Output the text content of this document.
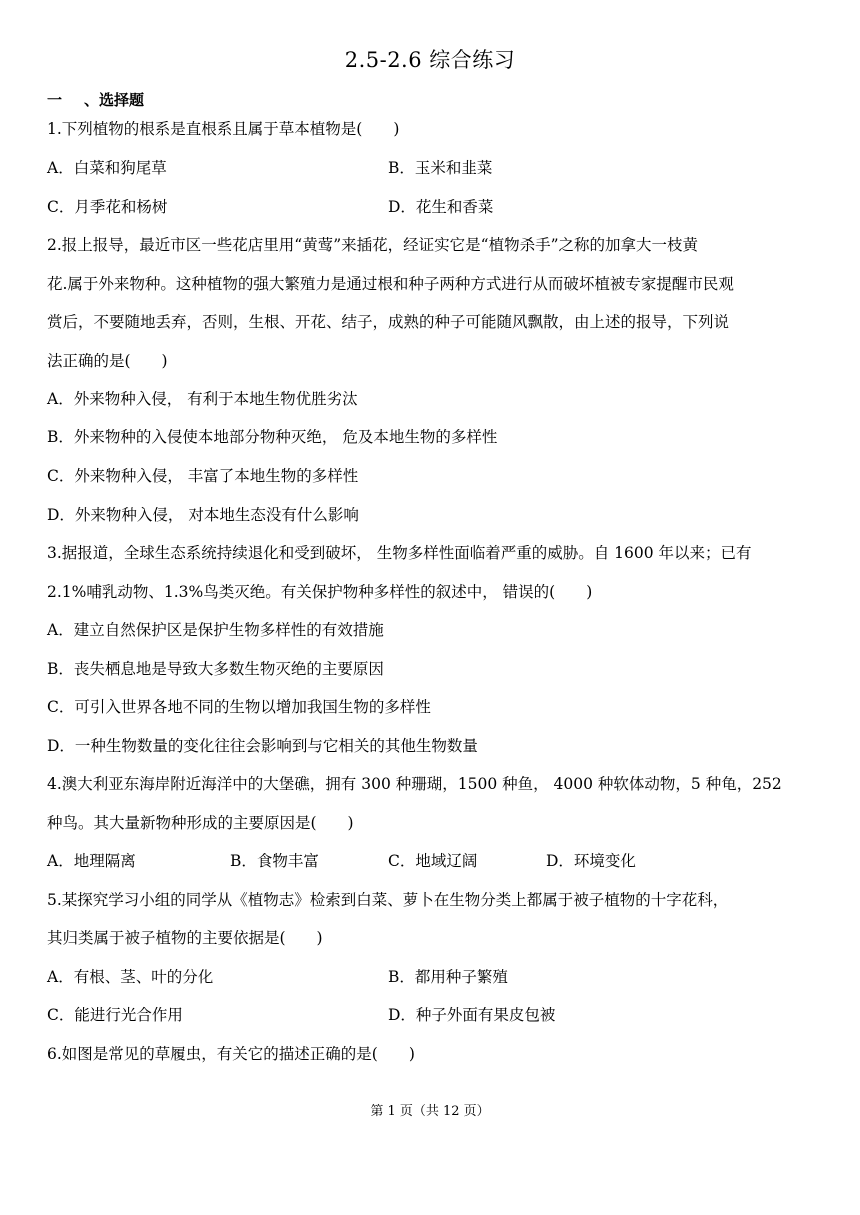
2.5-2.6 综合练习
一 、选择题
1.下列植物的根系是直根系且属于草本植物是(　　)
A．白菜和狗尾草	B．玉米和韭菜
C．月季花和杨树	D．花生和香菜
2.报上报导，最近市区一些花店里用“黄莺”来插花，经证实它是“植物杀手”之称的加拿大一枝黄
花.属于外来物种。这种植物的强大繁殖力是通过根和种子两种方式进行从而破坏植被专家提醒市民观
赏后，不要随地丢弃，否则，生根、开花、结子，成熟的种子可能随风飘散，由上述的报导，下列说
法正确的是(　　)
A．外来物种入侵， 有利于本地生物优胜劣汰
B．外来物种的入侵使本地部分物种灭绝， 危及本地生物的多样性
C．外来物种入侵， 丰富了本地生物的多样性
D．外来物种入侵， 对本地生态没有什么影响
3.据报道，全球生态系统持续退化和受到破坏， 生物多样性面临着严重的威胁。自 1600 年以来；已有
2.1%哺乳动物、1.3%鸟类灭绝。有关保护物种多样性的叙述中， 错误的(　　)
A．建立自然保护区是保护生物多样性的有效措施
B．丧失栖息地是导致大多数生物灭绝的主要原因
C．可引入世界各地不同的生物以增加我国生物的多样性
D．一种生物数量的变化往往会影响到与它相关的其他生物数量
4.澳大利亚东海岸附近海洋中的大堡礁，拥有 300 种珊瑚，1500 种鱼， 4000 种软体动物，5 种龟，252
种鸟。其大量新物种形成的主要原因是(　　)
A．地理隔离	B．食物丰富	C．地域辽阔	D．环境变化
5.某探究学习小组的同学从《植物志》检索到白菜、萝卜在生物分类上都属于被子植物的十字花科，
其归类属于被子植物的主要依据是(　　)
A．有根、茎、叶的分化	B．都用种子繁殖
C．能进行光合作用	D．种子外面有果皮包被
6.如图是常见的草履虫，有关它的描述正确的是(　　)
第 1 页（共 12 页）
